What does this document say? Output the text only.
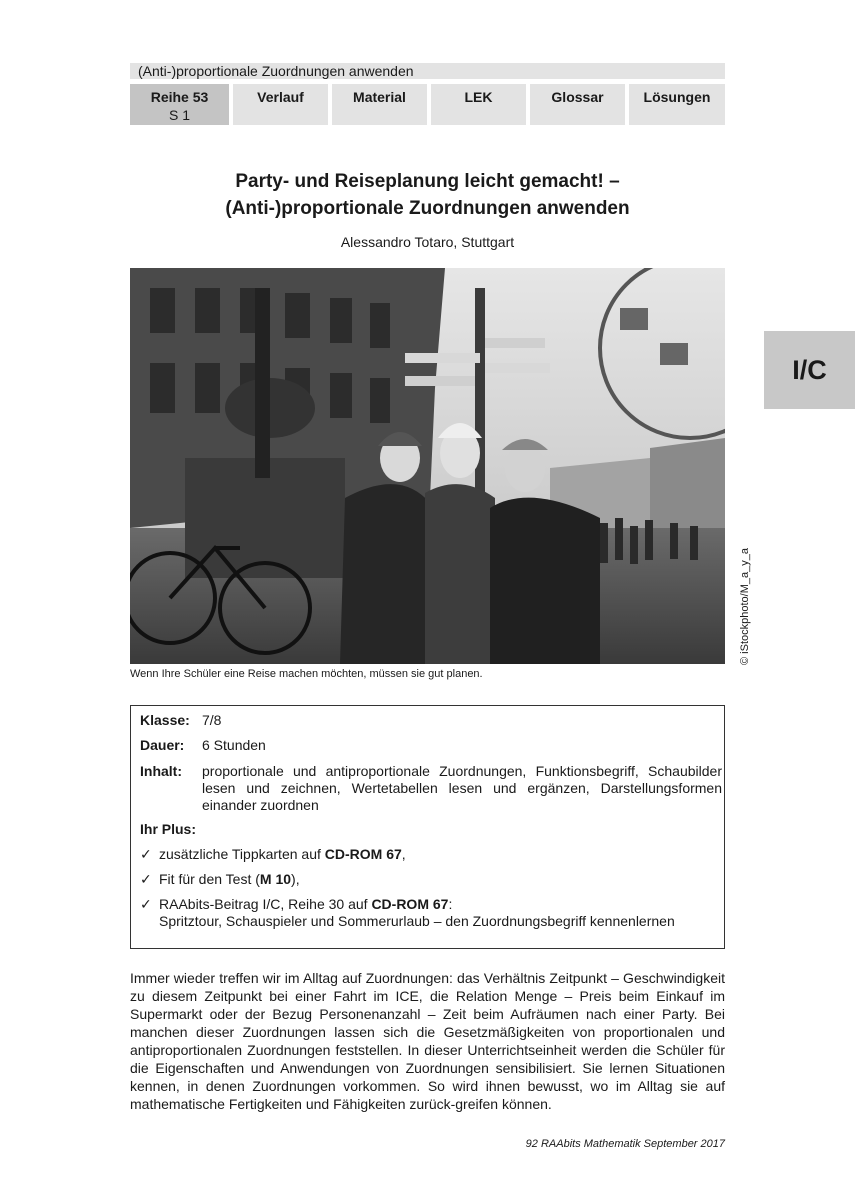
(Anti-)proportionale Zuordnungen anwenden
Reihe 53
S 1
Verlauf	Material	LEK	Glossar	Lösungen
I/C
Party- und Reiseplanung leicht gemacht! –
(Anti-)proportionale Zuordnungen anwenden
Alessandro Totaro, Stuttgart
© iStockphoto/M_a_y_a
Wenn Ihre Schüler eine Reise machen möchten, müssen sie gut planen.
Klasse: 7/8
Dauer: 6 Stunden
Inhalt: proportionale und antiproportionale Zuordnungen, Funktionsbegriff, Schaubilder lesen und zeichnen, Wertetabellen lesen und ergänzen, Darstellungsformen einander zuordnen
Ihr Plus:
✓ zusätzliche Tippkarten auf CD-ROM 67,
✓ Fit für den Test (M 10),
✓ RAAbits-Beitrag I/C, Reihe 30 auf CD-ROM 67:
Spritztour, Schauspieler und Sommerurlaub – den Zuordnungsbegriff kennenlernen

Immer wieder treffen wir im Alltag auf Zuordnungen: das Verhältnis Zeitpunkt – Geschwindigkeit zu diesem Zeitpunkt bei einer Fahrt im ICE, die Relation Menge – Preis beim Einkauf im Supermarkt oder der Bezug Personenanzahl – Zeit beim Aufräumen nach einer Party. Bei manchen dieser Zuordnungen lassen sich die Gesetzmäßigkeiten von proportionalen und antiproportionalen Zuordnungen feststellen. In dieser Unterrichtseinheit werden die Schüler für die Eigenschaften und Anwendungen von Zuordnungen sensibilisiert. Sie lernen Situationen kennen, in denen Zuordnungen vorkommen. So wird ihnen bewusst, wo im Alltag sie auf mathematische Fertigkeiten und Fähigkeiten zurück-greifen können.

92 RAAbits Mathematik September 2017
